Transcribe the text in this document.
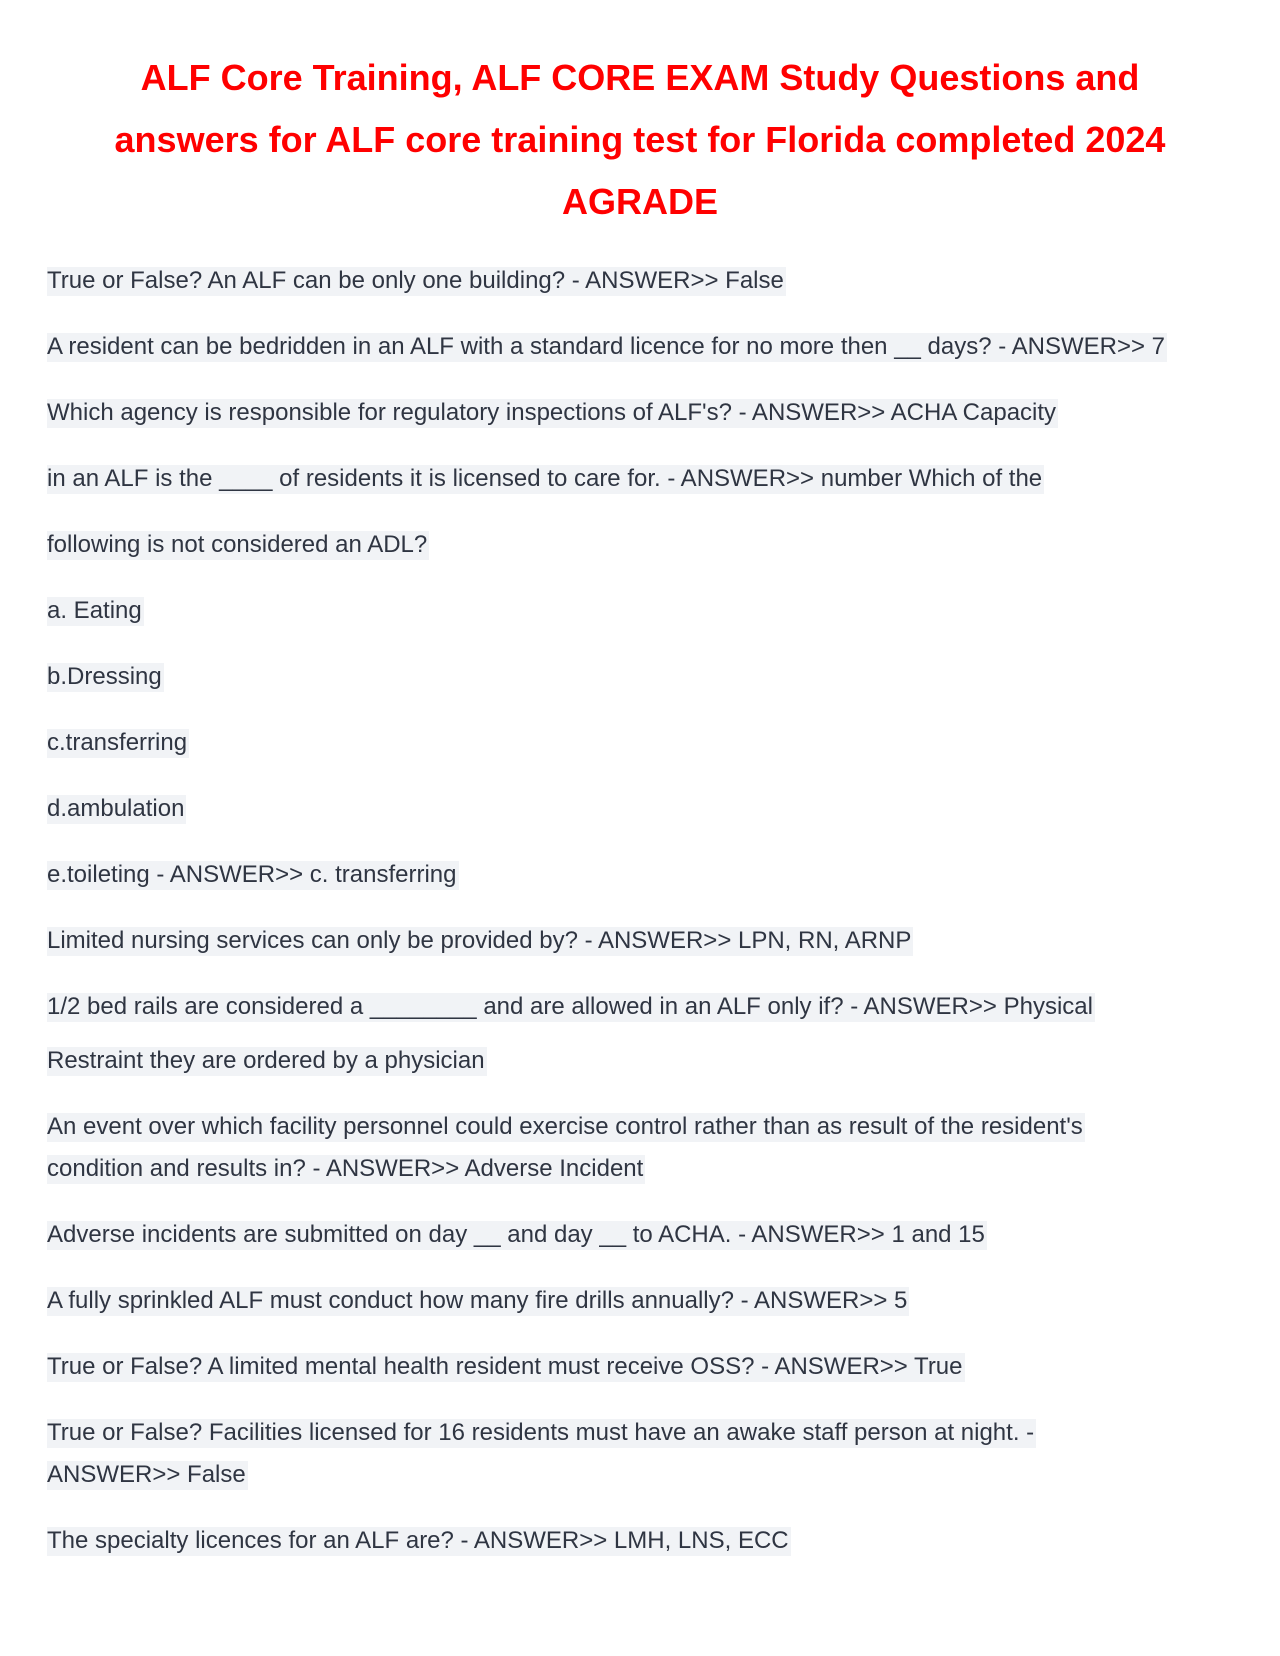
ALF Core Training, ALF CORE EXAM Study Questions and
answers for ALF core training test for Florida completed 2024
AGRADE

True or False? An ALF can be only one building? - ANSWER>> False

A resident can be bedridden in an ALF with a standard licence for no more then __ days? - ANSWER>> 7

Which agency is responsible for regulatory inspections of ALF's? - ANSWER>> ACHA Capacity

in an ALF is the ____ of residents it is licensed to care for. - ANSWER>> number Which of the

following is not considered an ADL?

a. Eating

b.Dressing

c.transferring

d.ambulation

e.toileting - ANSWER>> c. transferring

Limited nursing services can only be provided by? - ANSWER>> LPN, RN, ARNP

1/2 bed rails are considered a ________ and are allowed in an ALF only if? - ANSWER>> Physical

Restraint they are ordered by a physician

An event over which facility personnel could exercise control rather than as result of the resident's

condition and results in? - ANSWER>> Adverse Incident

Adverse incidents are submitted on day __ and day __ to ACHA. - ANSWER>> 1 and 15

A fully sprinkled ALF must conduct how many fire drills annually? - ANSWER>> 5

True or False? A limited mental health resident must receive OSS? - ANSWER>> True

True or False? Facilities licensed for 16 residents must have an awake staff person at night. -

ANSWER>> False

The specialty licences for an ALF are? - ANSWER>> LMH, LNS, ECC
